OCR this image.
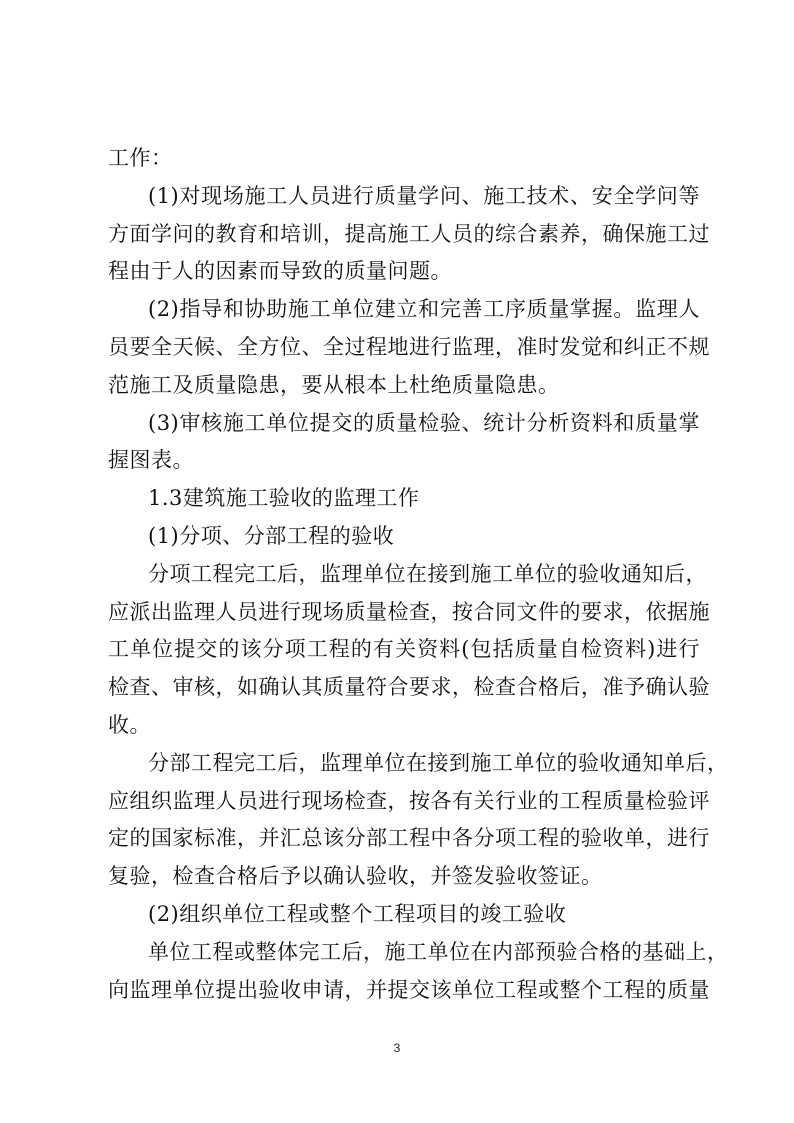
工作：
(1)对现场施工人员进行质量学问、施工技术、安全学问等
方面学问的教育和培训，提高施工人员的综合素养，确保施工过
程由于人的因素而导致的质量问题。
(2)指导和协助施工单位建立和完善工序质量掌握。监理人
员要全天候、全方位、全过程地进行监理，准时发觉和纠正不规
范施工及质量隐患，要从根本上杜绝质量隐患。
(3)审核施工单位提交的质量检验、统计分析资料和质量掌
握图表。
1.3建筑施工验收的监理工作
(1)分项、分部工程的验收
分项工程完工后，监理单位在接到施工单位的验收通知后，
应派出监理人员进行现场质量检查，按合同文件的要求，依据施
工单位提交的该分项工程的有关资料(包括质量自检资料)进行
检查、审核，如确认其质量符合要求，检查合格后，准予确认验
收。
分部工程完工后，监理单位在接到施工单位的验收通知单后，
应组织监理人员进行现场检查，按各有关行业的工程质量检验评
定的国家标准，并汇总该分部工程中各分项工程的验收单，进行
复验，检查合格后予以确认验收，并签发验收签证。
(2)组织单位工程或整个工程项目的竣工验收
单位工程或整体完工后，施工单位在内部预验合格的基础上，
向监理单位提出验收申请，并提交该单位工程或整个工程的质量
3
